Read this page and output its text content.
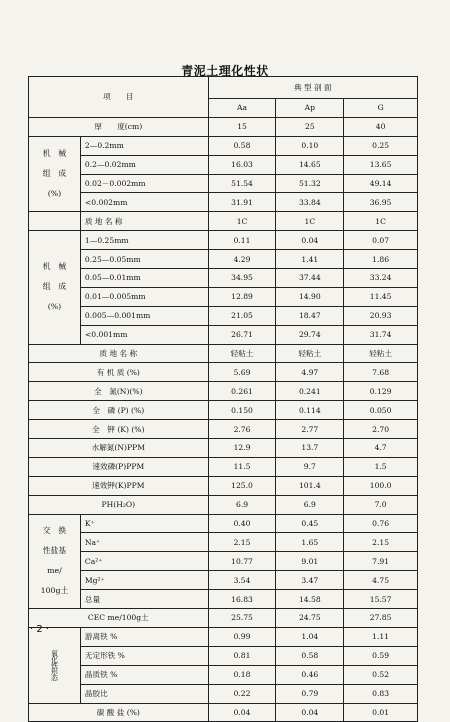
青泥土理化性状
项　　目		典 型 剖 面		
		Aa	Ap	G
厚　　度(cm)		15	25	40
机　械
组　成
(%)	2—0.2mm	0.58	0.10	0.25
	0.2—0.02mm	16.03	14.65	13.65
	0.02－0.002mm	51.54	51.32	49.14
	<0.002mm	31.91	33.84	36.95
	质 地 名 称	1C	1C	1C
机　械
组　成
(%)	1—0.25mm	0.11	0.04	0.07
	0.25—0.05mm	4.29	1.41	1.86
	0.05—0.01mm	34.95	37.44	33.24
	0.01—0.005mm	12.89	14.90	11.45
	0.005—0.001mm	21.05	18.47	20.93
	<0.001mm	26.71	29.74	31.74
质 地 名 称		轻粘土	轻粘土	轻粘土
有 机 质 (%)		5.69	4.97	7.68
全　氮(N)(%)		0.261	0.241	0.129
全　磷 (P) (%)		0.150	0.114	0.050
全　钾 (K) (%)		2.76	2.77	2.70
水解氮(N)PPM		12.9	13.7	4.7
速效磷(P)PPM		11.5	9.7	1.5
速效钾(K)PPM		125.0	101.4	100.0
PH(H₂O)		6.9	6.9	7.0
交　换
性盐基
me/
100g土	K⁺	0.40	0.45	0.76
	Na⁺	2.15	1.65	2.15
	Ca²⁺	10.77	9.01	7.91
	Mg²⁺	3.54	3.47	4.75
	总量	16.83	14.58	15.57
CEC me/100g土		25.75	24.75	27.85
氧化铁形态	游离铁 %	0.99	1.04	1.11
	无定形铁 %	0.81	0.58	0.59
	晶质铁 %	0.18	0.46	0.52
	晶胶比	0.22	0.79	0.83
碳 酸 盐 (%)		0.04	0.04	0.01
· 2 ·
